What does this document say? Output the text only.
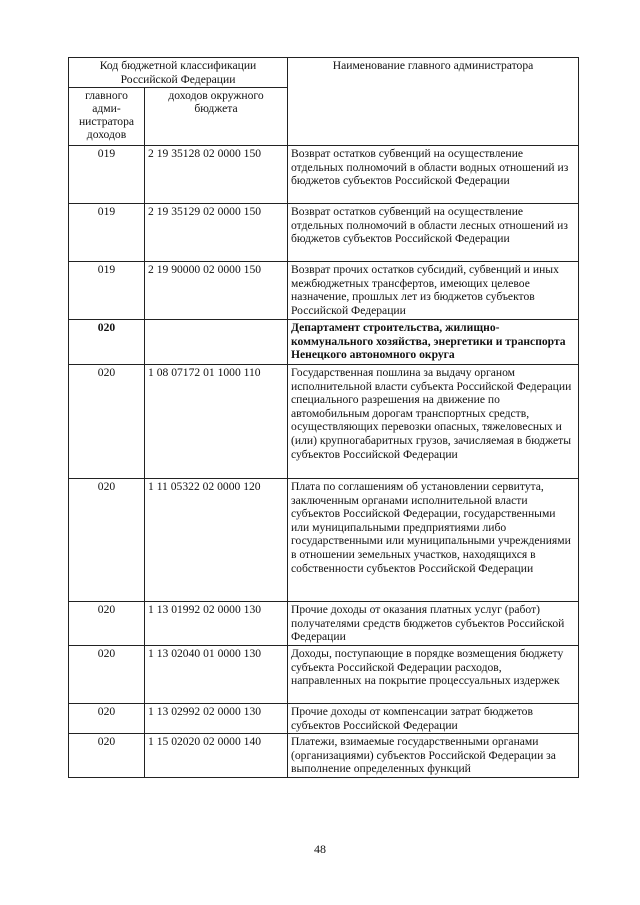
Код бюджетной классификации Российской Федерации		Наименование главного администратора
главного адми-нистратора доходов	доходов окружного бюджета	
019	2 19 35128 02 0000 150	Возврат остатков субвенций на осуществление отдельных полномочий в области водных отношений из бюджетов субъектов Российской Федерации
019	2 19 35129 02 0000 150	Возврат остатков субвенций на осуществление отдельных полномочий в области лесных отношений из бюджетов субъектов Российской Федерации
019	2 19 90000 02 0000 150	Возврат прочих остатков субсидий, субвенций и иных межбюджетных трансфертов, имеющих целевое назначение, прошлых лет из бюджетов субъектов Российской Федерации
020		Департамент строительства, жилищно-коммунального хозяйства, энергетики и транспорта Ненецкого автономного округа
020	1 08 07172 01 1000 110	Государственная пошлина за выдачу органом исполнительной власти субъекта Российской Федерации специального разрешения на движение по автомобильным дорогам транспортных средств, осуществляющих перевозки опасных, тяжеловесных и (или) крупногабаритных грузов, зачисляемая в бюджеты субъектов Российской Федерации
020	1 11 05322 02 0000 120	Плата по соглашениям об установлении сервитута, заключенным органами исполнительной власти субъектов Российской Федерации, государственными или муниципальными предприятиями либо государственными или муниципальными учреждениями в отношении земельных участков, находящихся в собственности субъектов Российской Федерации
020	1 13 01992 02 0000 130	Прочие доходы от оказания платных услуг (работ) получателями средств бюджетов субъектов Российской Федерации
020	1 13 02040 01 0000 130	Доходы, поступающие в порядке возмещения бюджету субъекта Российской Федерации расходов, направленных на покрытие процессуальных издержек
020	1 13 02992 02 0000 130	Прочие доходы от компенсации затрат бюджетов субъектов Российской Федерации
020	1 15 02020 02 0000 140	Платежи, взимаемые государственными органами (организациями) субъектов Российской Федерации за выполнение определенных функций
48
